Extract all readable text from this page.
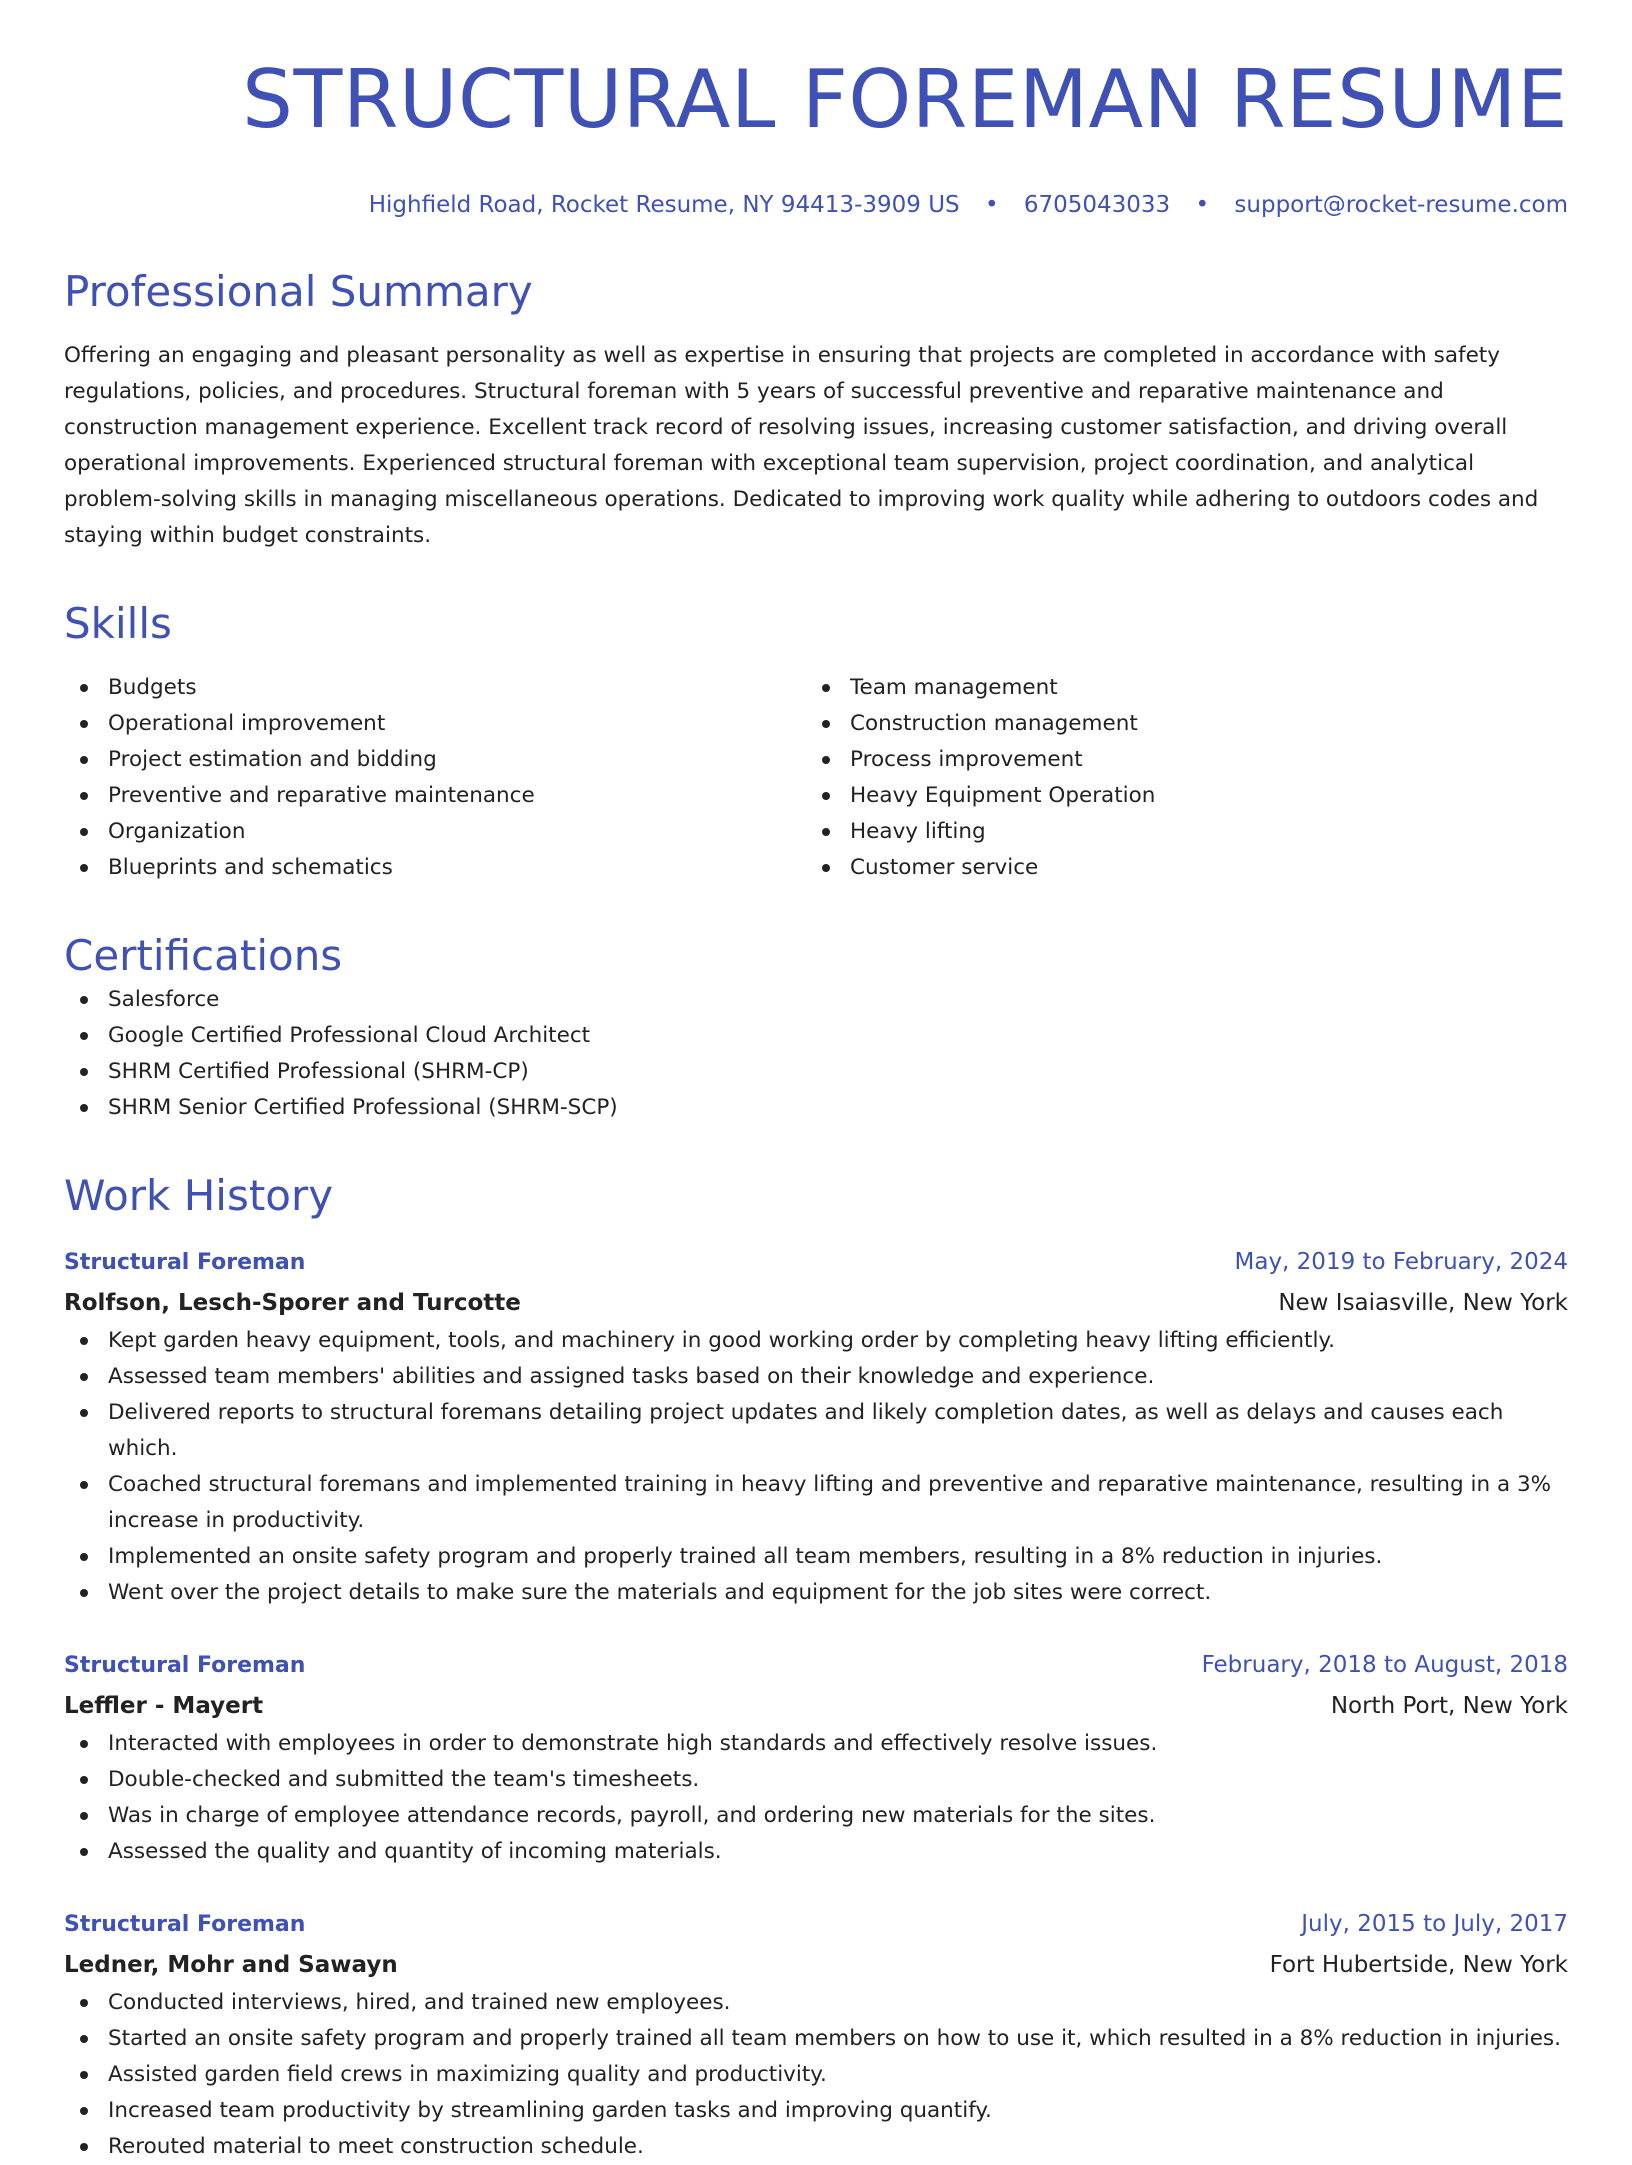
STRUCTURAL FOREMAN RESUME
Highfield Road, Rocket Resume, NY 94413-3909 US • 6705043033 • support@rocket-resume.com
Professional Summary

Offering an engaging and pleasant personality as well as expertise in ensuring that projects are completed in accordance with safety regulations, policies, and procedures. Structural foreman with 5 years of successful preventive and reparative maintenance and construction management experience. Excellent track record of resolving issues, increasing customer satisfaction, and driving overall operational improvements. Experienced structural foreman with exceptional team supervision, project coordination, and analytical problem-solving skills in managing miscellaneous operations. Dedicated to improving work quality while adhering to outdoors codes and staying within budget constraints.

Skills
Budgets
Operational improvement
Project estimation and bidding
Preventive and reparative maintenance
Organization
Blueprints and schematics
Team management
Construction management
Process improvement
Heavy Equipment Operation
Heavy lifting
Customer service
Certifications
Salesforce
Google Certified Professional Cloud Architect
SHRM Certified Professional (SHRM-CP)
SHRM Senior Certified Professional (SHRM-SCP)
Work History
Structural Foreman	May, 2019 to February, 2024
Rolfson, Lesch-Sporer and Turcotte	New Isaiasville, New York
Kept garden heavy equipment, tools, and machinery in good working order by completing heavy lifting efficiently.
Assessed team members' abilities and assigned tasks based on their knowledge and experience.
Delivered reports to structural foremans detailing project updates and likely completion dates, as well as delays and causes each which.
Coached structural foremans and implemented training in heavy lifting and preventive and reparative maintenance, resulting in a 3% increase in productivity.
Implemented an onsite safety program and properly trained all team members, resulting in a 8% reduction in injuries.
Went over the project details to make sure the materials and equipment for the job sites were correct.
Structural Foreman	February, 2018 to August, 2018
Leffler - Mayert	North Port, New York
Interacted with employees in order to demonstrate high standards and effectively resolve issues.
Double-checked and submitted the team's timesheets.
Was in charge of employee attendance records, payroll, and ordering new materials for the sites.
Assessed the quality and quantity of incoming materials.
Structural Foreman	July, 2015 to July, 2017
Ledner, Mohr and Sawayn	Fort Hubertside, New York
Conducted interviews, hired, and trained new employees.
Started an onsite safety program and properly trained all team members on how to use it, which resulted in a 8% reduction in injuries.
Assisted garden field crews in maximizing quality and productivity.
Increased team productivity by streamlining garden tasks and improving quantify.
Rerouted material to meet construction schedule.
